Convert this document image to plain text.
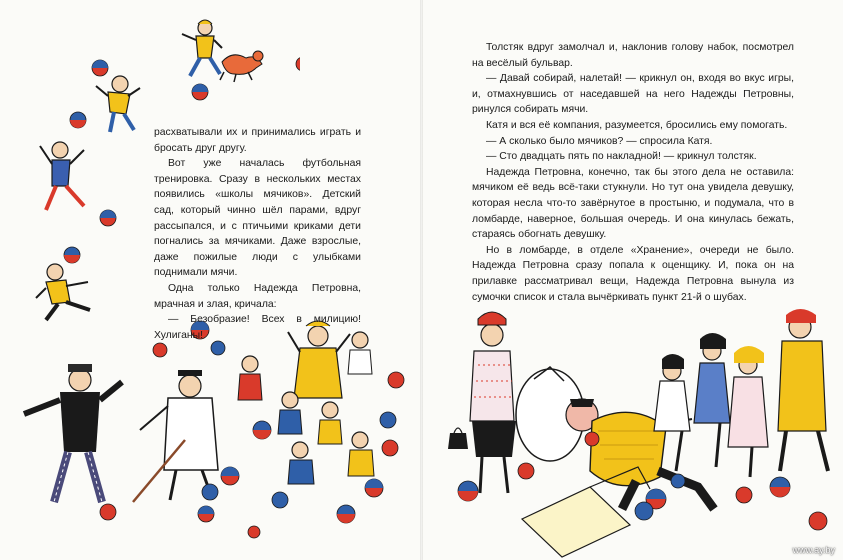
расхватывали их и принимались играть и бросать друг другу.

Вот уже началась футбольная тренировка. Сразу в нескольких местах появились «школы мячиков». Детский сад, который чинно шёл парами, вдруг рассыпался, и с птичьими криками дети погнались за мячиками. Даже взрослые, даже пожилые люди с улыбками поднимали мячи.

Одна только Надежда Петровна, мрачная и злая, кричала:

— Безобразие! Всех в милицию! Хулиганы!

Толстяк вдруг замолчал и, наклонив голову набок, посмотрел на весёлый бульвар.

— Давай собирай, налетай! — крикнул он, входя во вкус игры, и, отмахнувшись от наседавшей на него Надежды Петровны, ринулся собирать мячи.

Катя и вся её компания, разумеется, бросились ему помогать.

— А сколько было мячиков? — спросила Катя.

— Сто двадцать пять по накладной! — крикнул толстяк.

Надежда Петровна, конечно, так бы этого дела не оставила: мячиком её ведь всё-таки стукнули. Но тут она увидела девушку, которая несла что-то завёрнутое в простыню, и подумала, что в ломбарде, наверное, большая очередь. И она кинулась бежать, стараясь обогнать девушку.

Но в ломбарде, в отделе «Хранение», очереди не было. Надежда Петровна сразу попала к оценщику. И, пока он на прилавке рассматривал вещи, Надежда Петровна вынула из сумочки список и стала вычёркивать пункт 21-й о шубах.

www.ay.by
